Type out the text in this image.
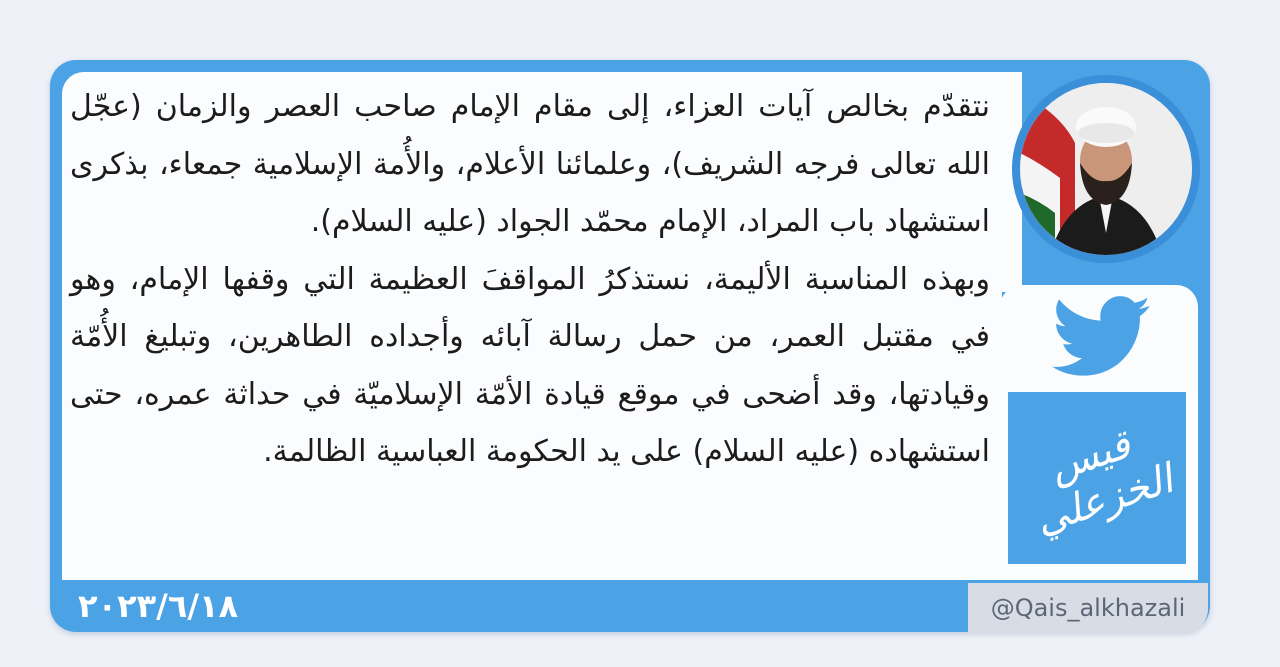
نتقدّم بخالص آيات العزاء، إلى مقام الإمام صاحب العصر والزمان (عجّل الله تعالى فرجه الشريف)، وعلمائنا الأعلام، والأُمة الإسلامية جمعاء، بذكرى استشهاد باب المراد، الإمام محمّد الجواد (عليه السلام).

وبهذه المناسبة الأليمة، نستذكرُ المواقفَ العظيمة التي وقفها الإمام، وهو في مقتبل العمر، من حمل رسالة آبائه وأجداده الطاهرين، وتبليغ الأُمّة وقيادتها، وقد أضحى في موقع قيادة الأمّة الإسلاميّة في حداثة عمره، حتى استشهاده (عليه السلام) على يد الحكومة العباسية الظالمة.	قيس الخزعلي
٢٠٢٣/٦/١٨	@Qais_alkhazali
